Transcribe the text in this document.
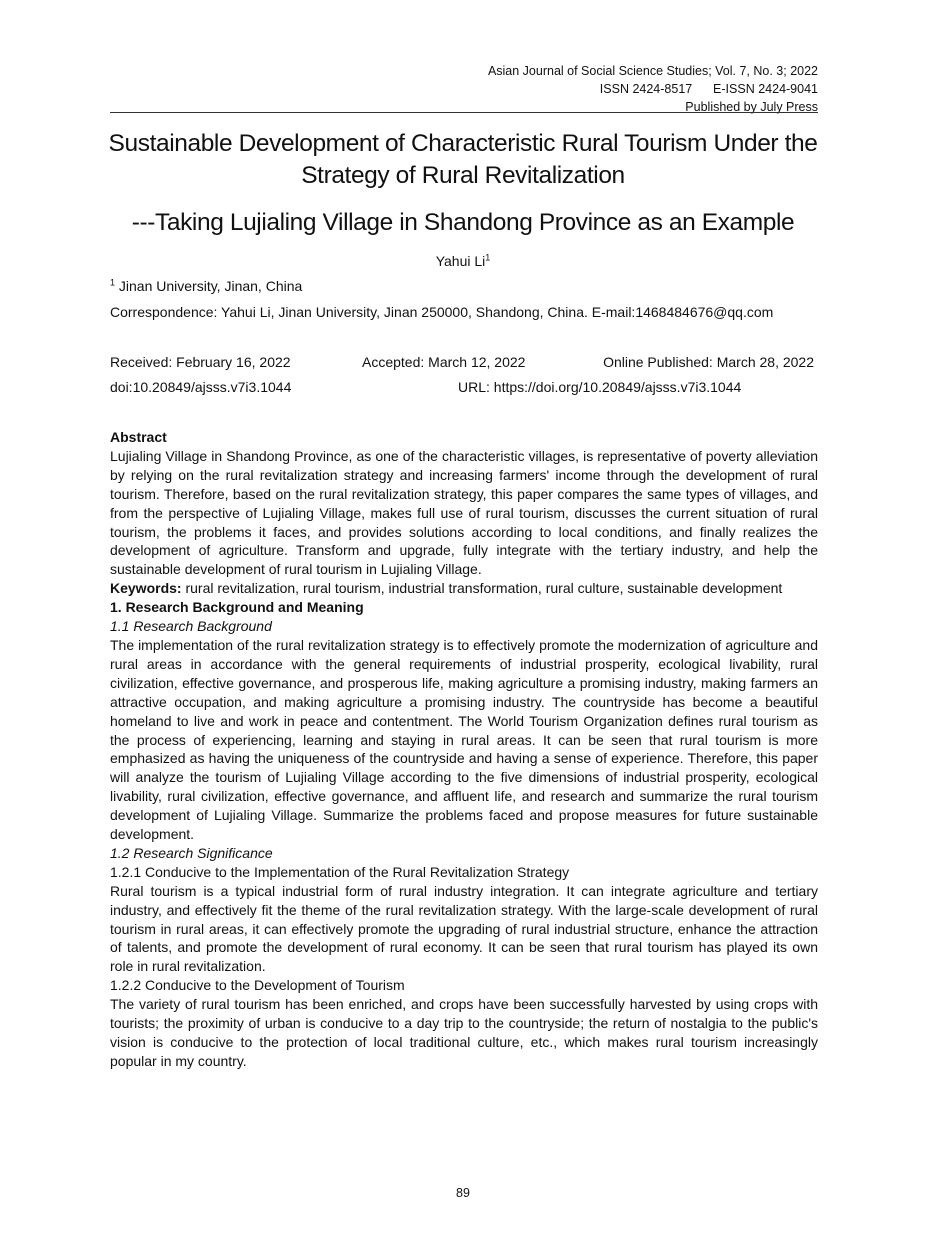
Asian Journal of Social Science Studies; Vol. 7, No. 3; 2022
ISSN 2424-8517      E-ISSN 2424-9041
Published by July Press
Sustainable Development of Characteristic Rural Tourism Under the Strategy of Rural Revitalization
---Taking Lujialing Village in Shandong Province as an Example
Yahui Li$^1$
$^1$ Jinan University, Jinan, China
Correspondence: Yahui Li, Jinan University, Jinan 250000, Shandong, China. E-mail:1468484676@qq.com
Received: February 16, 2022	Accepted: March 12, 2022	Online Published: March 28, 2022
doi:10.20849/ajsss.v7i3.1044	URL: https://doi.org/10.20849/ajsss.v7i3.1044

Abstract

Lujialing Village in Shandong Province, as one of the characteristic villages, is representative of poverty alleviation by relying on the rural revitalization strategy and increasing farmers' income through the development of rural tourism. Therefore, based on the rural revitalization strategy, this paper compares the same types of villages, and from the perspective of Lujialing Village, makes full use of rural tourism, discusses the current situation of rural tourism, the problems it faces, and provides solutions according to local conditions, and finally realizes the development of agriculture. Transform and upgrade, fully integrate with the tertiary industry, and help the sustainable development of rural tourism in Lujialing Village.

Keywords: rural revitalization, rural tourism, industrial transformation, rural culture, sustainable development

1. Research Background and Meaning

1.1 Research Background

The implementation of the rural revitalization strategy is to effectively promote the modernization of agriculture and rural areas in accordance with the general requirements of industrial prosperity, ecological livability, rural civilization, effective governance, and prosperous life, making agriculture a promising industry, making farmers an attractive occupation, and making agriculture a promising industry. The countryside has become a beautiful homeland to live and work in peace and contentment. The World Tourism Organization defines rural tourism as the process of experiencing, learning and staying in rural areas. It can be seen that rural tourism is more emphasized as having the uniqueness of the countryside and having a sense of experience. Therefore, this paper will analyze the tourism of Lujialing Village according to the five dimensions of industrial prosperity, ecological livability, rural civilization, effective governance, and affluent life, and research and summarize the rural tourism development of Lujialing Village. Summarize the problems faced and propose measures for future sustainable development.

1.2 Research Significance

1.2.1 Conducive to the Implementation of the Rural Revitalization Strategy

Rural tourism is a typical industrial form of rural industry integration. It can integrate agriculture and tertiary industry, and effectively fit the theme of the rural revitalization strategy. With the large-scale development of rural tourism in rural areas, it can effectively promote the upgrading of rural industrial structure, enhance the attraction of talents, and promote the development of rural economy. It can be seen that rural tourism has played its own role in rural revitalization.

1.2.2 Conducive to the Development of Tourism

The variety of rural tourism has been enriched, and crops have been successfully harvested by using crops with tourists; the proximity of urban is conducive to a day trip to the countryside; the return of nostalgia to the public's vision is conducive to the protection of local traditional culture, etc., which makes rural tourism increasingly popular in my country.

89
